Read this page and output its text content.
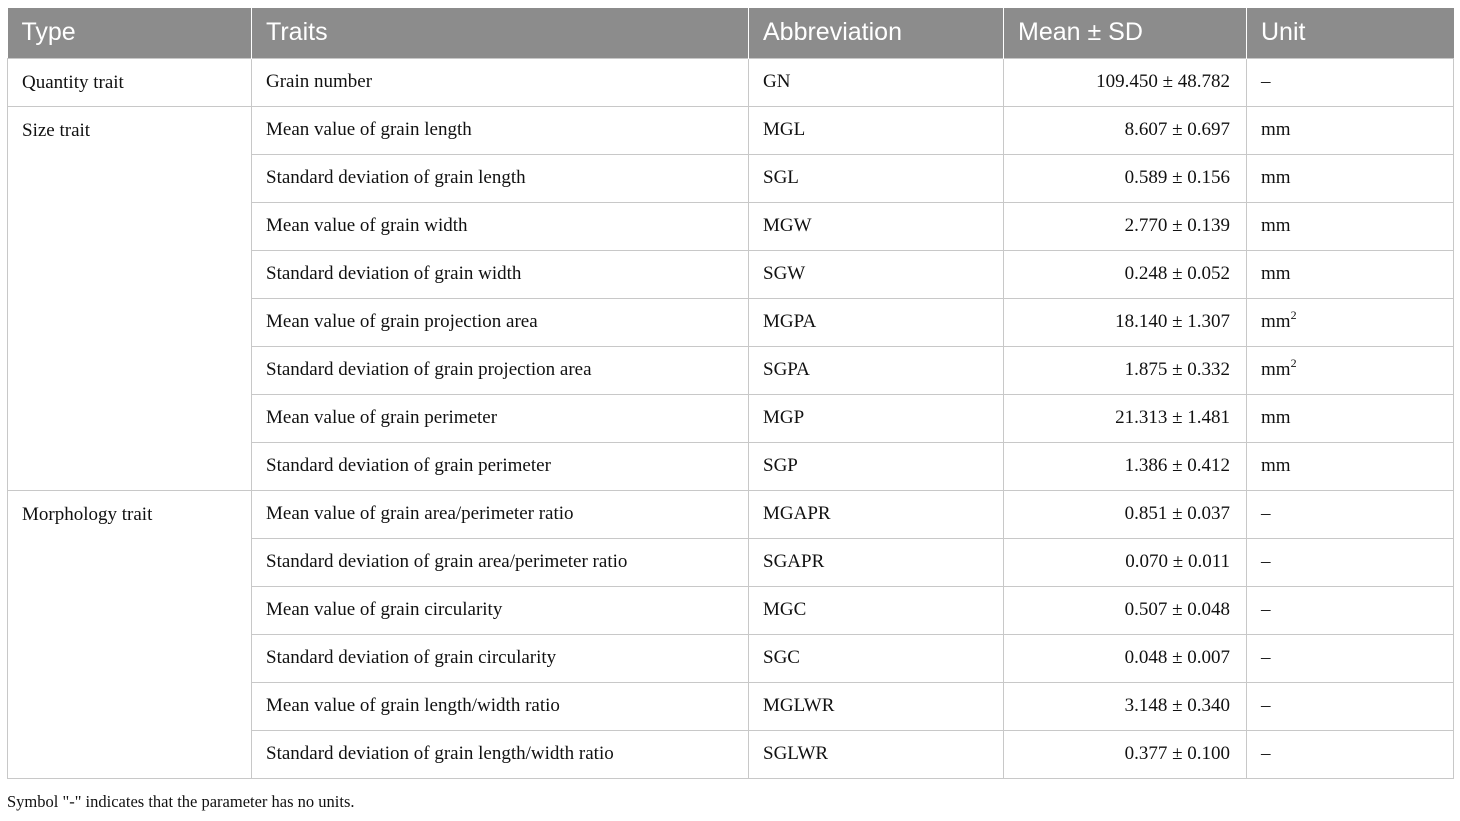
Type	Traits	Abbreviation	Mean ± SD	Unit
Quantity trait	Grain number	GN	109.450 ± 48.782	–
Size trait	Mean value of grain length	MGL	8.607 ± 0.697	mm
	Standard deviation of grain length	SGL	0.589 ± 0.156	mm
	Mean value of grain width	MGW	2.770 ± 0.139	mm
	Standard deviation of grain width	SGW	0.248 ± 0.052	mm
	Mean value of grain projection area	MGPA	18.140 ± 1.307	$mm^2$
	Standard deviation of grain projection area	SGPA	1.875 ± 0.332	$mm^2$
	Mean value of grain perimeter	MGP	21.313 ± 1.481	mm
	Standard deviation of grain perimeter	SGP	1.386 ± 0.412	mm
Morphology trait	Mean value of grain area/perimeter ratio	MGAPR	0.851 ± 0.037	–
	Standard deviation of grain area/perimeter ratio	SGAPR	0.070 ± 0.011	–
	Mean value of grain circularity	MGC	0.507 ± 0.048	–
	Standard deviation of grain circularity	SGC	0.048 ± 0.007	–
	Mean value of grain length/width ratio	MGLWR	3.148 ± 0.340	–
	Standard deviation of grain length/width ratio	SGLWR	0.377 ± 0.100	–
Symbol "-" indicates that the parameter has no units.
